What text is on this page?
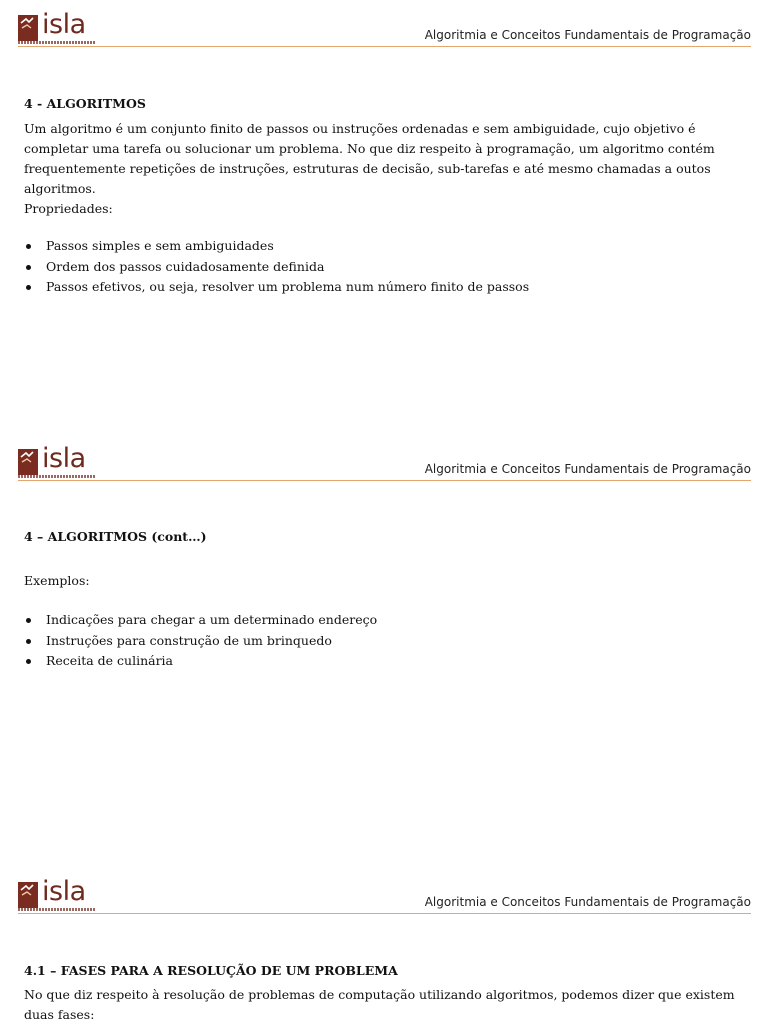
isla	Algoritmia e Conceitos Fundamentais de Programação
4 - ALGORITMOS
Um algoritmo é um conjunto finito de passos ou instruções ordenadas e sem ambiguidade, cujo objetivo é completar uma tarefa ou solucionar um problema. No que diz respeito à programação, um algoritmo contém frequentemente repetições de instruções, estruturas de decisão, sub-tarefas e até mesmo chamadas a outos algoritmos.
Propriedades:
Passos simples e sem ambiguidades
Ordem dos passos cuidadosamente definida
Passos efetivos, ou seja, resolver um problema num número finito de passos
isla	Algoritmia e Conceitos Fundamentais de Programação
4 – ALGORITMOS (cont…)
Exemplos:
Indicações para chegar a um determinado endereço
Instruções para construção de um brinquedo
Receita de culinária
isla	Algoritmia e Conceitos Fundamentais de Programação
4.1 – FASES PARA A RESOLUÇÃO DE UM PROBLEMA
No que diz respeito à resolução de problemas de computação utilizando algoritmos, podemos dizer que existem duas fases:
